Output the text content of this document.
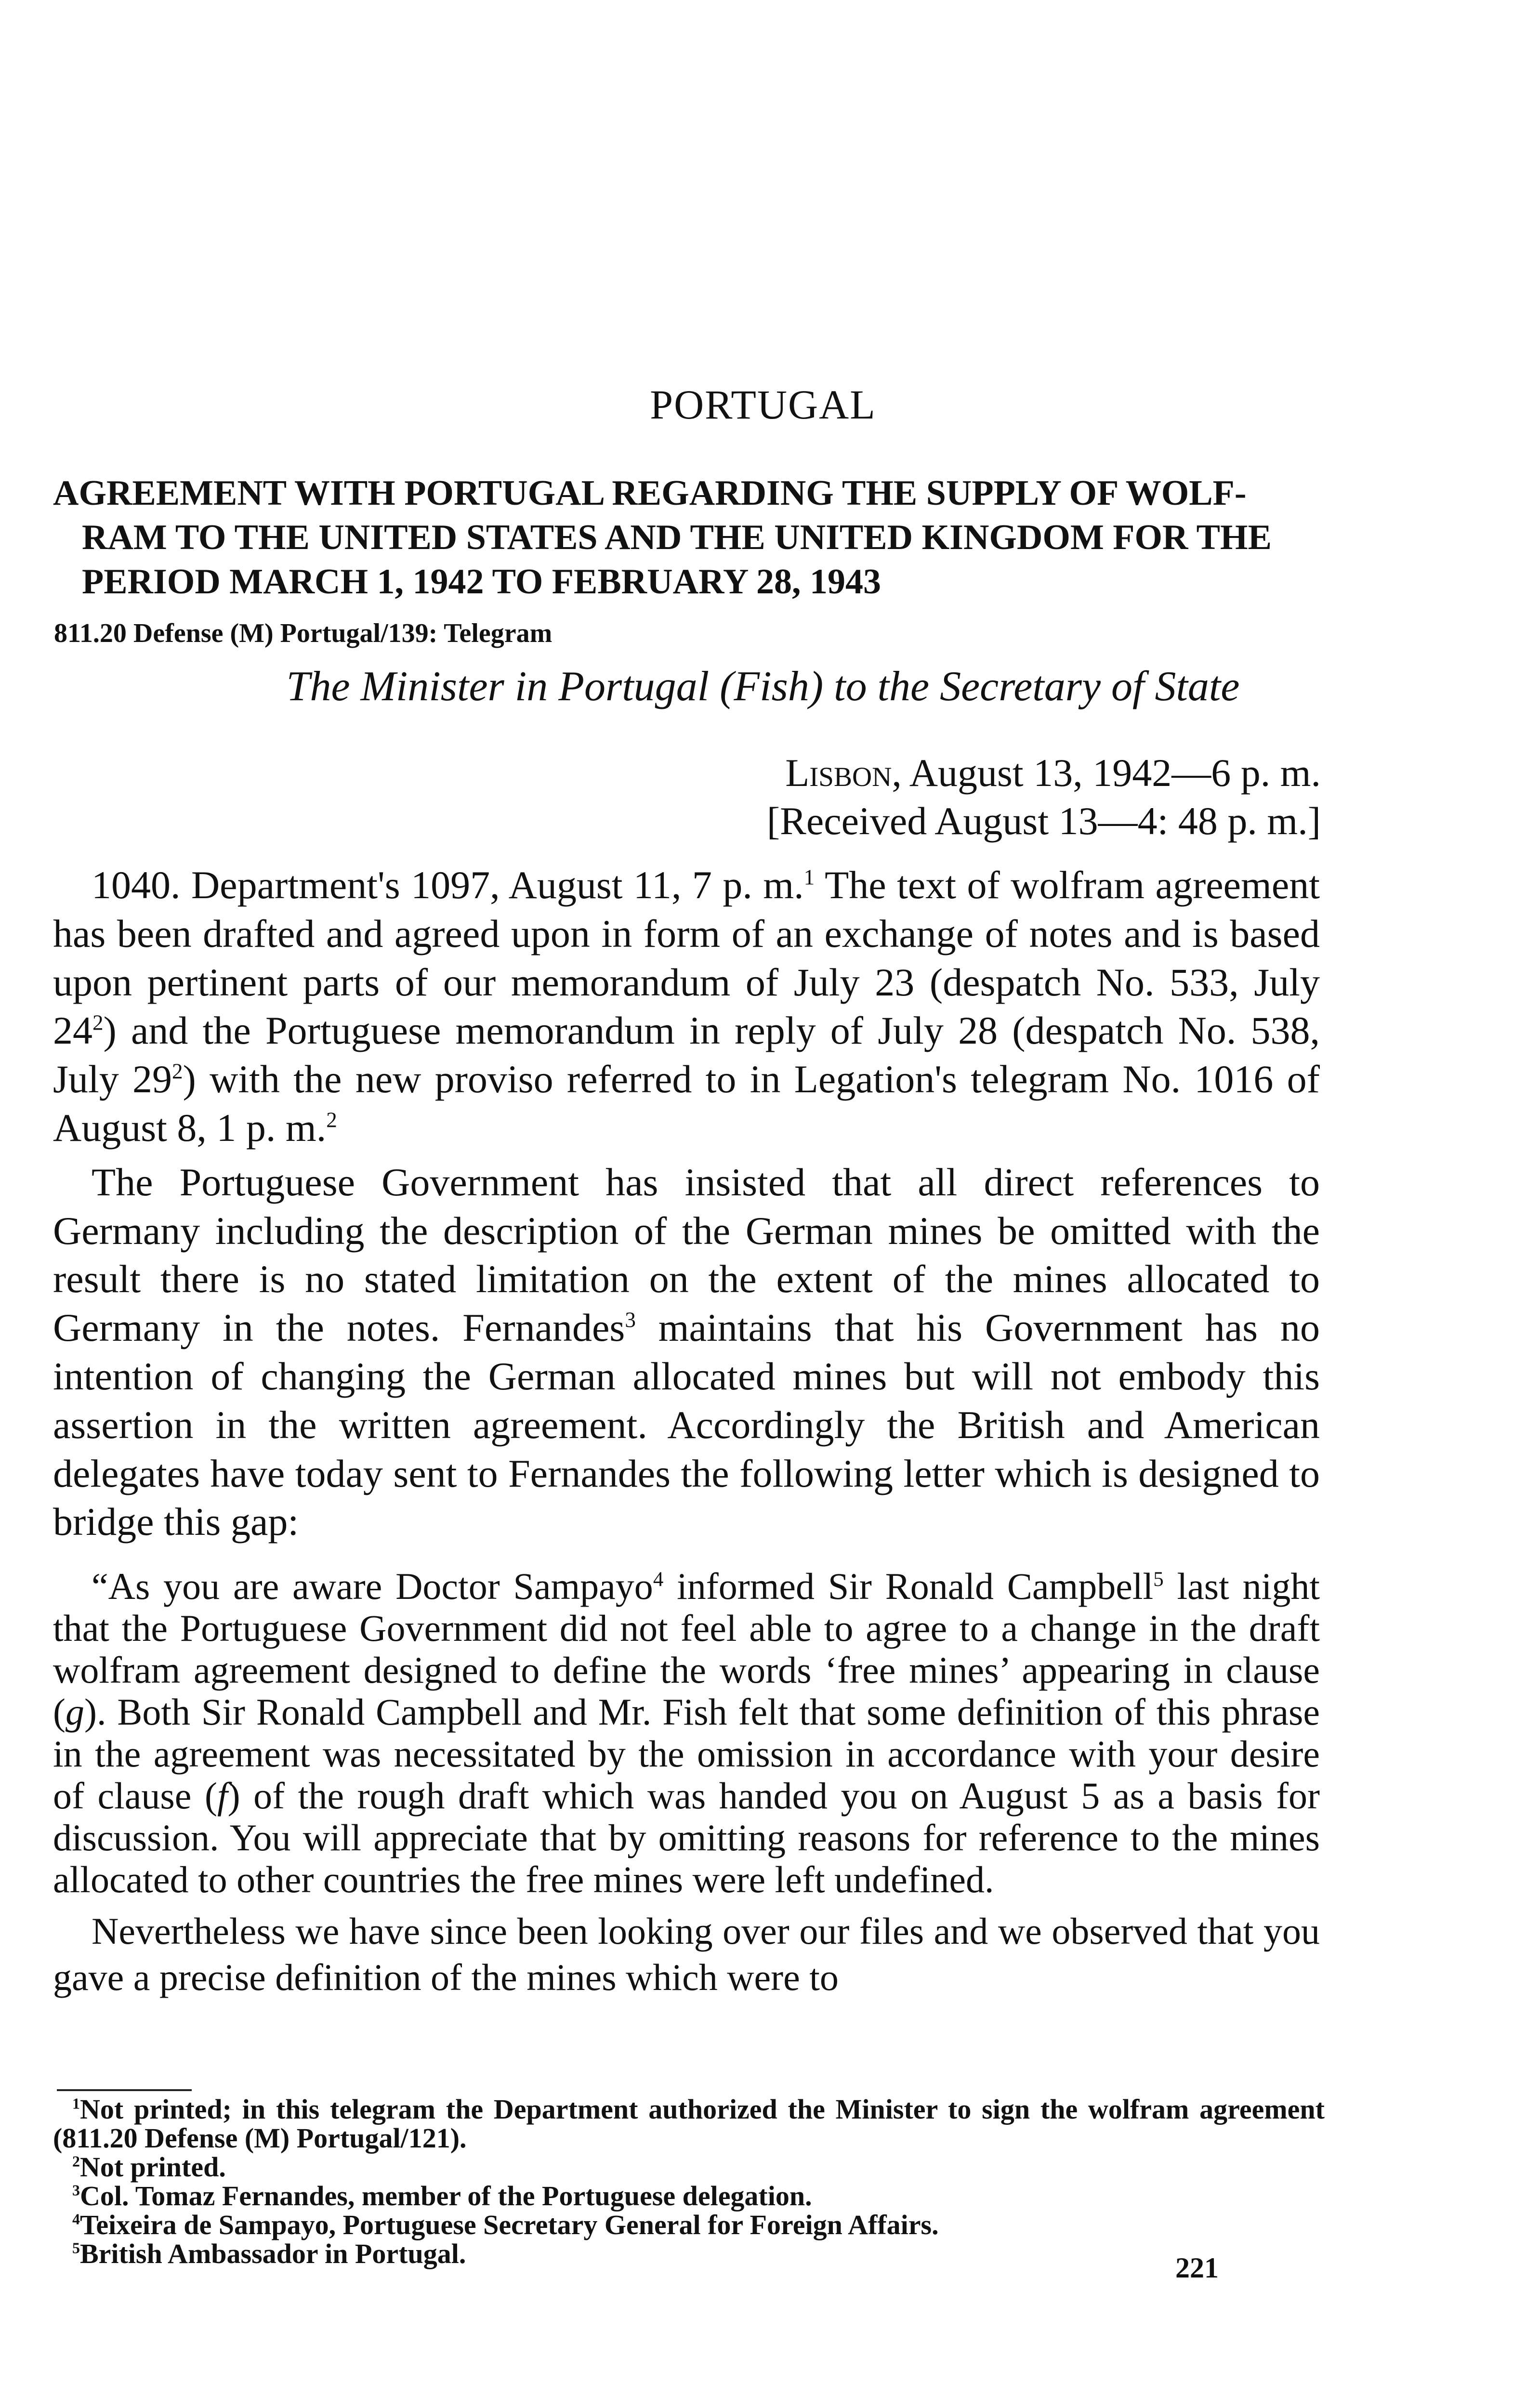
PORTUGAL
AGREEMENT WITH PORTUGAL REGARDING THE SUPPLY OF WOLF-
RAM TO THE UNITED STATES AND THE UNITED KINGDOM FOR THE
PERIOD MARCH 1, 1942 TO FEBRUARY 28, 1943

811.20 Defense (M) Portugal/139: Telegram

The Minister in Portugal (Fish) to the Secretary of State

Lisbon, August 13, 1942—6 p. m.
[Received August 13—4: 48 p. m.]

1040. Department's 1097, August 11, 7 p. m.$^1$ The text of wolfram agreement has been drafted and agreed upon in form of an exchange of notes and is based upon pertinent parts of our memorandum of July 23 (despatch No. 533, July $24^2$) and the Portuguese memorandum in reply of July 28 (despatch No. 538, July $29^2$) with the new proviso referred to in Legation's telegram No. 1016 of August 8, 1 p. m.$^2$

The Portuguese Government has insisted that all direct references to Germany including the description of the German mines be omitted with the result there is no stated limitation on the extent of the mines allocated to Germany in the notes. Fernandes$^3$ maintains that his Government has no intention of changing the German allocated mines but will not embody this assertion in the written agreement. Accordingly the British and American delegates have today sent to Fernandes the following letter which is designed to bridge this gap:

“As you are aware Doctor Sampayo$^4$ informed Sir Ronald Campbell$^5$ last night that the Portuguese Government did not feel able to agree to a change in the draft wolfram agreement designed to define the words ‘free mines’ appearing in clause (g). Both Sir Ronald Campbell and Mr. Fish felt that some definition of this phrase in the agreement was necessitated by the omission in accordance with your desire of clause (f) of the rough draft which was handed you on August 5 as a basis for discussion. You will appreciate that by omitting reasons for reference to the mines allocated to other countries the free mines were left undefined.

Nevertheless we have since been looking over our files and we observed that you gave a precise definition of the mines which were to

$^1$Not printed; in this telegram the Department authorized the Minister to sign the wolfram agreement (811.20 Defense (M) Portugal/121).

$^2$Not printed.

$^3$Col. Tomaz Fernandes, member of the Portuguese delegation.

$^4$Teixeira de Sampayo, Portuguese Secretary General for Foreign Affairs.

$^5$British Ambassador in Portugal.	221
